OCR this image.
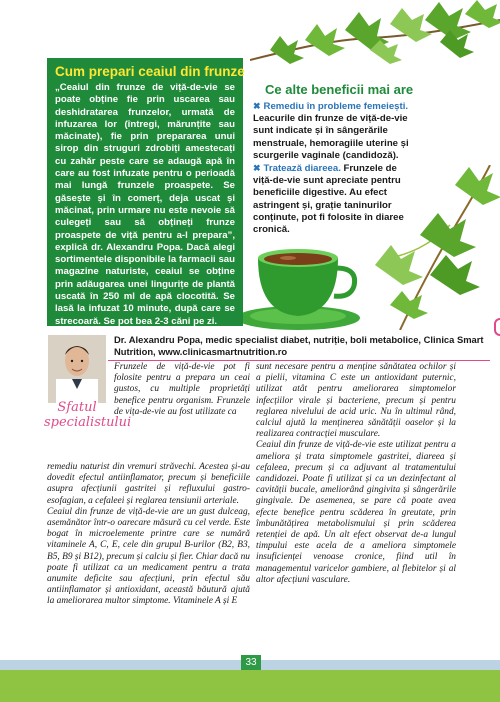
Cum prepari ceaiul din frunze
„Ceaiul din frunze de viță-de-vie se poate obține fie prin uscarea sau deshidratarea frunzelor, urmată de infuzarea lor (întregi, mărunțite sau măcinate), fie prin prepararea unui sirop din struguri zdrobiți amestecați cu zahăr peste care se adaugă apă în care au fost infuzate pentru o perioadă mai lungă frunzele proaspete. Se găsește și în comerț, deja uscat și măcinat, prin urmare nu este nevoie să culegeți sau să obțineți frunze proaspete de viță pentru a-l prepara”, explică dr. Alexandru Popa. Dacă alegi sortimentele disponibile la farmacii sau magazine naturiste, ceaiul se obține prin adăugarea unei lingurițe de plantă uscată în 250 ml de apă clocotită. Se lasă la infuzat 10 minute, după care se strecoară. Se pot bea 2-3 căni pe zi.
Ce alte beneficii mai are
✖ Remediu în probleme femeiești. Leacurile din frunze de viță-de-vie sunt indicate și în sângerările menstruale, hemoragiile uterine și scurgerile vaginale (candidoză).
✖ Tratează diareea. Frunzele de viță-de-vie sunt apreciate pentru beneficiile digestive. Au efect astringent și, grație taninurilor conținute, pot fi folosite în diaree cronică.
Dr. Alexandru Popa, medic specialist diabet, nutriție, boli metabolice, Clinica Smart Nutrition, www.clinicasmartnutrition.ro
Sfatul specialistului

Frunzele de viță-de-vie pot fi folosite pentru a prepara un ceai gustos, cu multiple proprietăți benefice pentru organism. Frunzele de vița-de-vie au fost utilizate ca

remediu naturist din vremuri străvechi. Acestea și-au dovedit efectul antiinflamator, precum și beneficiile asupra afecțiunii gastritei și refluxului gastro-esofagian, a cefaleei și reglarea tensiunii arteriale.

Ceaiul din frunze de viță-de-vie are un gust dulceag, asemănător într-o oarecare măsură cu cel verde. Este bogat în microelemente printre care se numără vitaminele A, C, E, cele din grupul B-urilor (B2, B3, B5, B9 și B12), precum și calciu și fier. Chiar dacă nu poate fi utilizat ca un medicament pentru a trata anumite deficite sau afecțiuni, prin efectul său antiinflamator și antioxidant, această băutură ajută la ameliorarea multor simptome. Vitaminele A și E

sunt necesare pentru a menține sănătatea ochilor și a pielii, vitamina C este un antioxidant puternic, utilizat atât pentru ameliorarea simptomelor infecțiilor virale și bacteriene, precum și pentru reglarea nivelului de acid uric. Nu în ultimul rând, calciul ajută la menținerea sănătății oaselor și la realizarea contracției musculare.

Ceaiul din frunze de viță-de-vie este utilizat pentru a ameliora și trata simptomele gastritei, diareea și cefaleea, precum și ca adjuvant al tratamentului candidozei. Poate fi utilizat și ca un dezinfectant al cavității bucale, ameliorând gingivita și sângerările gingivale. De asemenea, se pare că poate avea efecte benefice pentru scăderea în greutate, prin îmbunătățirea metabolismului și prin scăderea retenției de apă. Un alt efect observat de-a lungul timpului este acela de a ameliora simptomele insuficienței venoase cronice, fiind util în managementul varicelor gambiere, al flebitelor și al altor afecțiuni vasculare.

33
